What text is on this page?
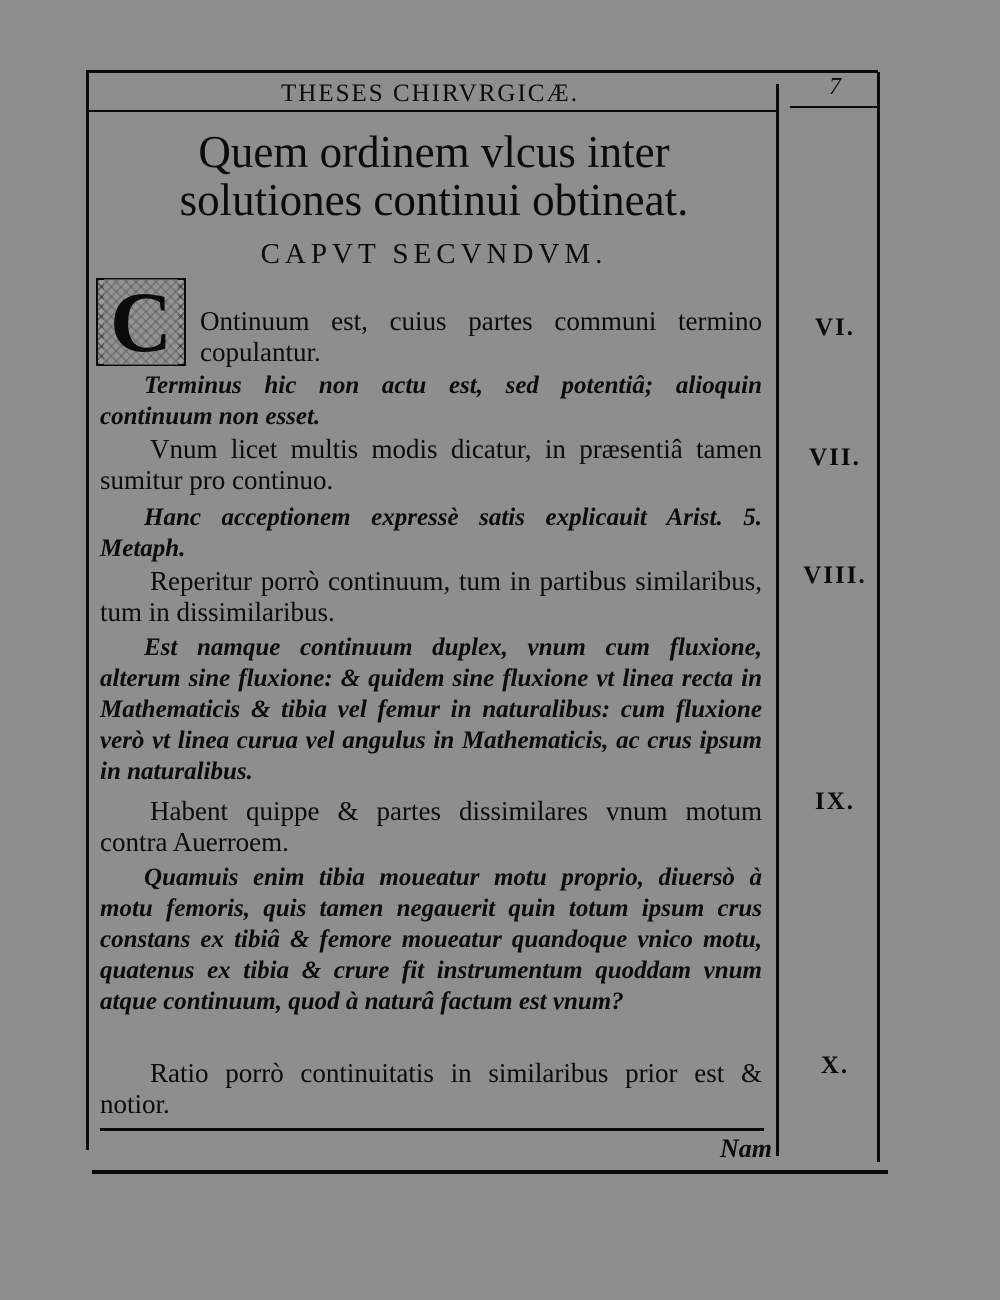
THESES CHIRVRGICÆ.	7
Quem ordinem vlcus inter solutiones continui obtineat.
CAPVT SECVNDVM.
C Ontinuum est, cuius partes communi termino copulantur.
Terminus hic non actu est, sed potentiâ; alioquin continuum non esset.
Vnum licet multis modis dicatur, in præsentiâ tamen sumitur pro continuo.
Hanc acceptionem expressè satis explicauit Arist. 5. Metaph.
Reperitur porrò continuum, tum in partibus similaribus, tum in dissimilaribus.
Est namque continuum duplex, vnum cum fluxione, alterum sine fluxione: & quidem sine fluxione vt linea recta in Mathematicis & tibia vel femur in naturalibus: cum fluxione verò vt linea curua vel angulus in Mathematicis, ac crus ipsum in naturalibus.
Habent quippe & partes dissimilares vnum motum contra Auerroem.
Quamuis enim tibia moueatur motu proprio, diuersò à motu femoris, quis tamen negauerit quin totum ipsum crus constans ex tibiâ & femore moueatur quandoque vnico motu, quatenus ex tibia & crure fit instrumentum quoddam vnum atque continuum, quod à naturâ factum est vnum?
Ratio porrò continuitatis in similaribus prior est & notior.
VI.
VII.
VIII.
IX.
X.
Nam
